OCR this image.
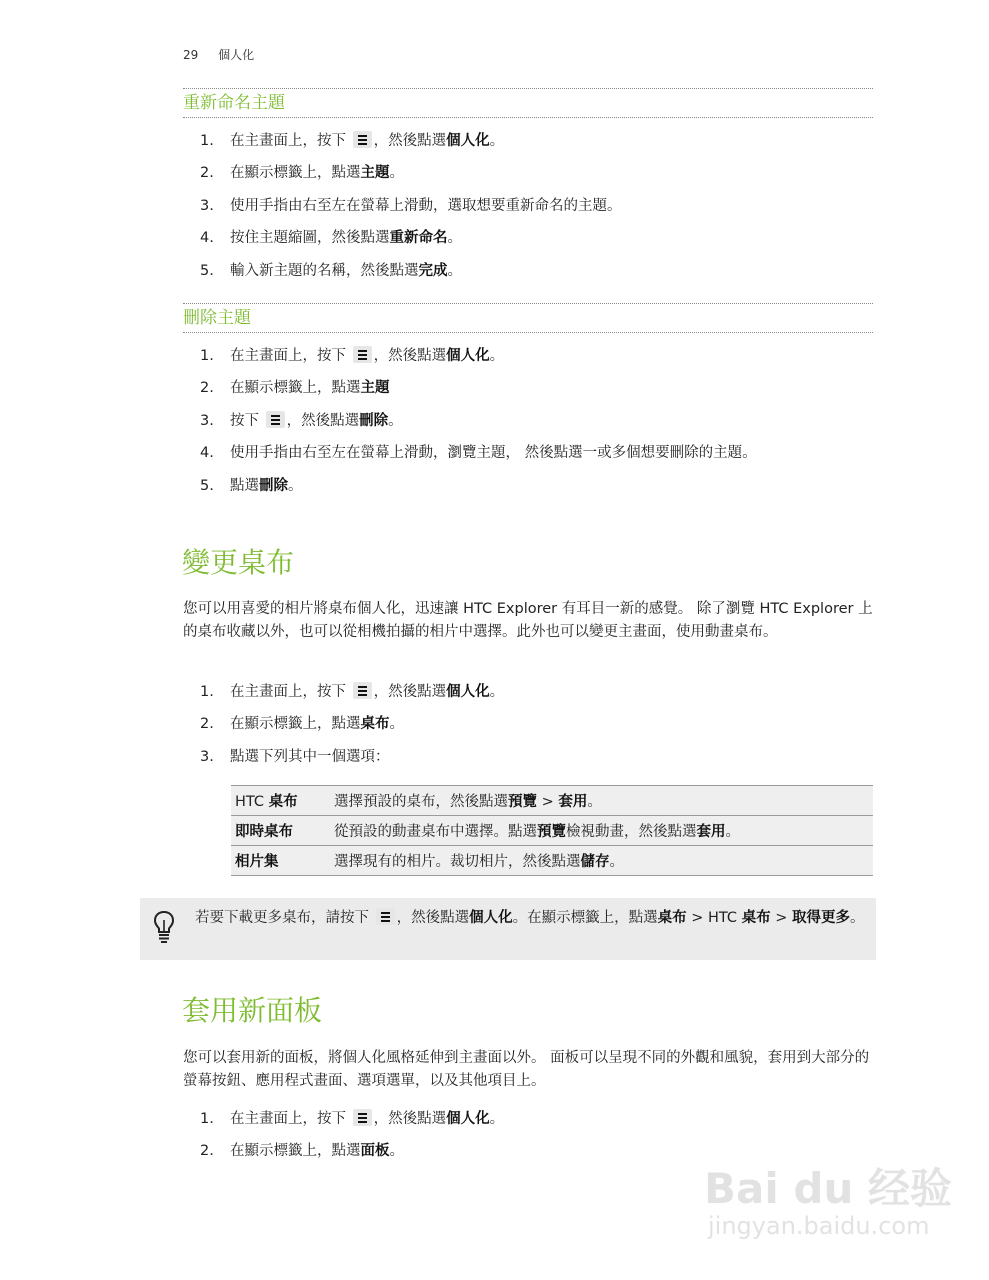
29 個人化
重新命名主題
1. 在主畫面上，按下 ，然後點選個人化。
2. 在顯示標籤上，點選主題。
3. 使用手指由右至左在螢幕上滑動，選取想要重新命名的主題。
4. 按住主題縮圖，然後點選重新命名。
5. 輸入新主題的名稱，然後點選完成。
刪除主題
1. 在主畫面上，按下 ，然後點選個人化。
2. 在顯示標籤上，點選主題
3. 按下 ，然後點選刪除。
4. 使用手指由右至左在螢幕上滑動，瀏覽主題， 然後點選一或多個想要刪除的主題。
5. 點選刪除。
變更桌布
您可以用喜愛的相片將桌布個人化，迅速讓 HTC Explorer 有耳目一新的感覺。 除了瀏覽 HTC Explorer 上的桌布收藏以外，也可以從相機拍攝的相片中選擇。此外也可以變更主畫面，使用動畫桌布。
1. 在主畫面上，按下 ，然後點選個人化。
2. 在顯示標籤上，點選桌布。
3. 點選下列其中一個選項：
HTC 桌布	選擇預設的桌布，然後點選預覽 > 套用。
即時桌布	從預設的動畫桌布中選擇。點選預覽檢視動畫，然後點選套用。
相片集	選擇現有的相片。裁切相片，然後點選儲存。
若要下載更多桌布，請按下 ，然後點選個人化。在顯示標籤上，點選桌布 > HTC 桌布 > 取得更多。
套用新面板
您可以套用新的面板，將個人化風格延伸到主畫面以外。 面板可以呈現不同的外觀和風貌，套用到大部分的螢幕按鈕、應用程式畫面、選項選單，以及其他項目上。
1. 在主畫面上，按下 ，然後點選個人化。
2. 在顯示標籤上，點選面板。
Bai du 经验
jingyan.baidu.com
